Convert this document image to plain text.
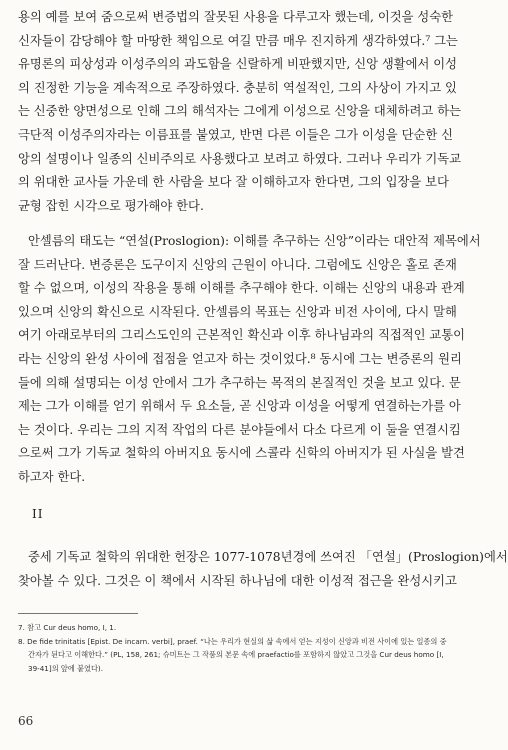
용의 예를 보여 줌으로써 변증법의 잘못된 사용을 다루고자 했는데, 이것을 성숙한
신자들이 감당해야 할 마땅한 책임으로 여길 만큼 매우 진지하게 생각하였다.⁷ 그는
유명론의 피상성과 이성주의의 과도함을 신랄하게 비판했지만, 신앙 생활에서 이성
의 진정한 기능을 계속적으로 주장하였다. 충분히 역설적인, 그의 사상이 가지고 있
는 신중한 양면성으로 인해 그의 해석자는 그에게 이성으로 신앙을 대체하려고 하는
극단적 이성주의자라는 이름표를 붙였고, 반면 다른 이들은 그가 이성을 단순한 신
앙의 설명이나 일종의 신비주의로 사용했다고 보려고 하였다. 그러나 우리가 기독교
의 위대한 교사들 가운데 한 사람을 보다 잘 이해하고자 한다면, 그의 입장을 보다
균형 잡힌 시각으로 평가해야 한다.
안셀름의 태도는 “연설(Proslogion): 이해를 추구하는 신앙”이라는 대안적 제목에서
잘 드러난다. 변증론은 도구이지 신앙의 근원이 아니다. 그럼에도 신앙은 홀로 존재
할 수 없으며, 이성의 작용을 통해 이해를 추구해야 한다. 이해는 신앙의 내용과 관계
있으며 신앙의 확신으로 시작된다. 안셀름의 목표는 신앙과 비전 사이에, 다시 말해
여기 아래로부터의 그리스도인의 근본적인 확신과 이후 하나님과의 직접적인 교통이
라는 신앙의 완성 사이에 접점을 얻고자 하는 것이었다.⁸ 동시에 그는 변증론의 원리
들에 의해 설명되는 이성 안에서 그가 추구하는 목적의 본질적인 것을 보고 있다. 문
제는 그가 이해를 얻기 위해서 두 요소들, 곧 신앙과 이성을 어떻게 연결하는가를 아
는 것이다. 우리는 그의 지적 작업의 다른 분야들에서 다소 다르게 이 둘을 연결시킴
으로써 그가 기독교 철학의 아버지요 동시에 스콜라 신학의 아버지가 된 사실을 발견
하고자 한다.
II
중세 기독교 철학의 위대한 헌장은 1077-1078년경에 쓰여진 「연설」(Proslogion)에서
찾아볼 수 있다. 그것은 이 책에서 시작된 하나님에 대한 이성적 접근을 완성시키고
7. 참고 Cur deus homo, I, 1.
8. De fide trinitatis [Epist. De incarn. verbi], praef. “나는 우리가 현실의 삶 속에서 얻는 지성이 신앙과 비전 사이에 있는 일종의 중
간자가 된다고 이해한다.” (PL, 158, 261; 슈미트는 그 작품의 본문 속에 praefactio를 포함하지 않았고 그것을 Cur deus homo [I,
39-41]의 앞에 붙였다).
66
